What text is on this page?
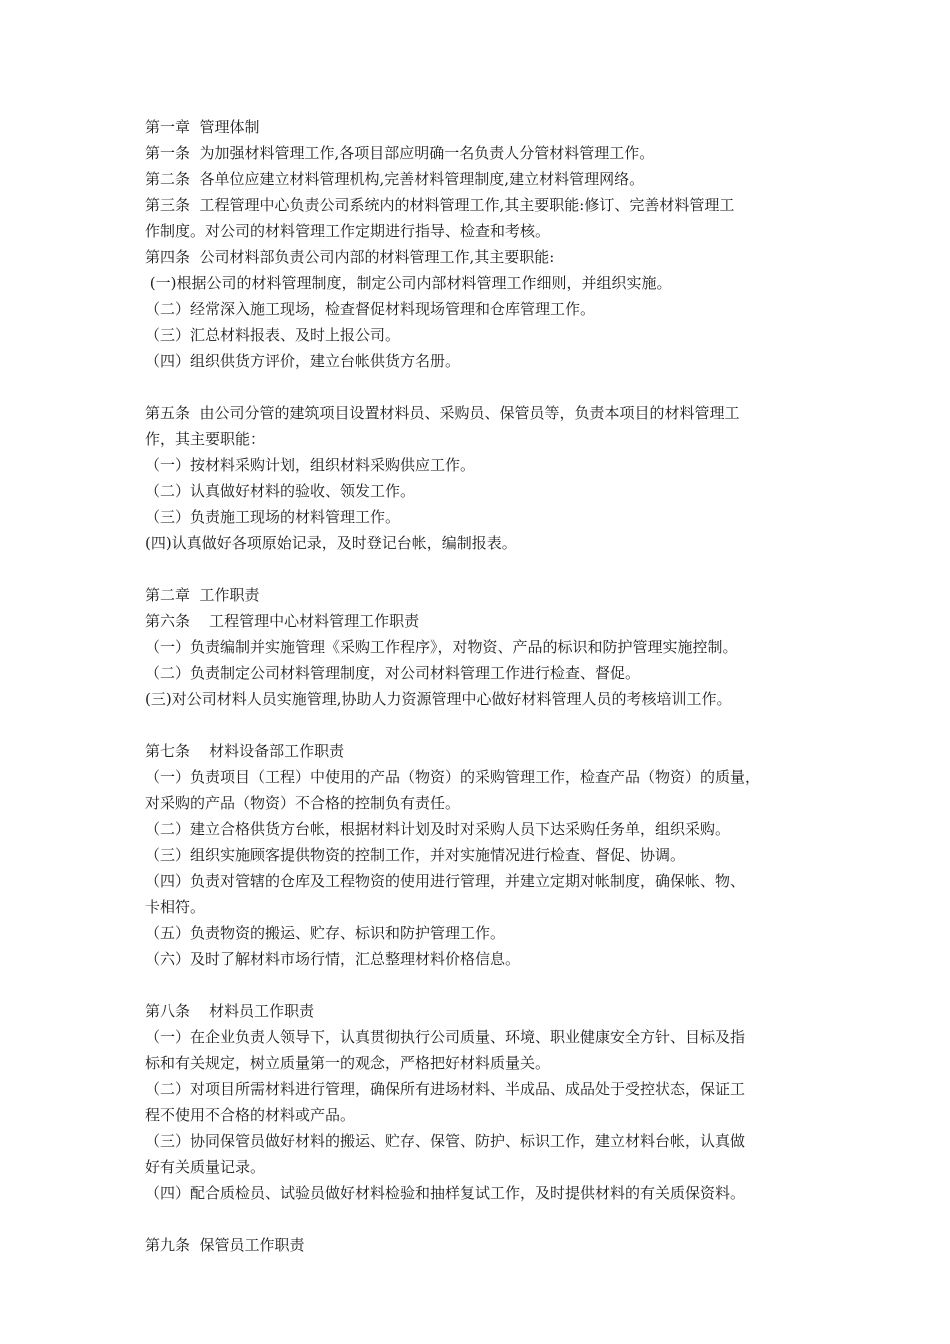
第一章  管理体制
第一条  为加强材料管理工作,各项目部应明确一名负责人分管材料管理工作。
第二条  各单位应建立材料管理机构,完善材料管理制度,建立材料管理网络。
第三条  工程管理中心负责公司系统内的材料管理工作,其主要职能:修订、完善材料管理工
作制度。对公司的材料管理工作定期进行指导、检查和考核。
第四条  公司材料部负责公司内部的材料管理工作,其主要职能:
(一)根据公司的材料管理制度，制定公司内部材料管理工作细则，并组织实施。
（二）经常深入施工现场，检查督促材料现场管理和仓库管理工作。
（三）汇总材料报表、及时上报公司。
（四）组织供货方评价，建立台帐供货方名册。
第五条  由公司分管的建筑项目设置材料员、采购员、保管员等，负责本项目的材料管理工
作，其主要职能：
（一）按材料采购计划，组织材料采购供应工作。
（二）认真做好材料的验收、领发工作。
（三）负责施工现场的材料管理工作。
(四)认真做好各项原始记录，及时登记台帐，编制报表。
第二章  工作职责
第六条    工程管理中心材料管理工作职责
（一）负责编制并实施管理《采购工作程序》，对物资、产品的标识和防护管理实施控制。
（二）负责制定公司材料管理制度，对公司材料管理工作进行检查、督促。
(三)对公司材料人员实施管理,协助人力资源管理中心做好材料管理人员的考核培训工作。
第七条    材料设备部工作职责
（一）负责项目（工程）中使用的产品（物资）的采购管理工作，检查产品（物资）的质量，
对采购的产品（物资）不合格的控制负有责任。
（二）建立合格供货方台帐，根据材料计划及时对采购人员下达采购任务单，组织采购。
（三）组织实施顾客提供物资的控制工作，并对实施情况进行检查、督促、协调。
（四）负责对管辖的仓库及工程物资的使用进行管理，并建立定期对帐制度，确保帐、物、
卡相符。
（五）负责物资的搬运、贮存、标识和防护管理工作。
（六）及时了解材料市场行情，汇总整理材料价格信息。
第八条    材料员工作职责
（一）在企业负责人领导下，认真贯彻执行公司质量、环境、职业健康安全方针、目标及指
标和有关规定，树立质量第一的观念，严格把好材料质量关。
（二）对项目所需材料进行管理，确保所有进场材料、半成品、成品处于受控状态，保证工
程不使用不合格的材料或产品。
（三）协同保管员做好材料的搬运、贮存、保管、防护、标识工作，建立材料台帐，认真做
好有关质量记录。
（四）配合质检员、试验员做好材料检验和抽样复试工作，及时提供材料的有关质保资料。
第九条  保管员工作职责
